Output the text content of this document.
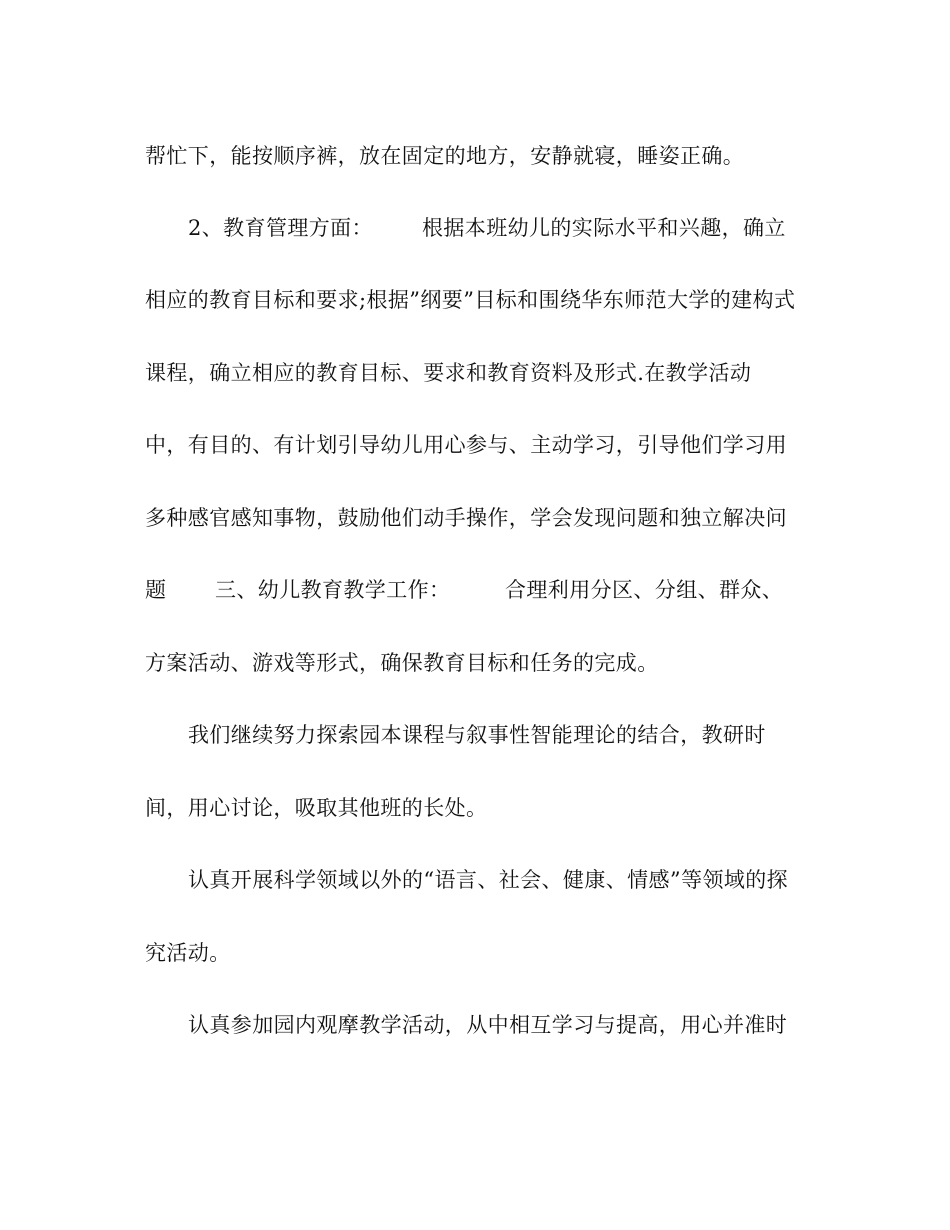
帮忙下，能按顺序裤，放在固定的地方，安静就寝，睡姿正确。
2、教育管理方面： 根据本班幼儿的实际水平和兴趣，确立
相应的教育目标和要求;根据”纲要”目标和围绕华东师范大学的建构式
课程，确立相应的教育目标、要求和教育资料及形式.在教学活动
中，有目的、有计划引导幼儿用心参与、主动学习，引导他们学习用
多种感官感知事物，鼓励他们动手操作，学会发现问题和独立解决问
题 三、幼儿教育教学工作：	合理利用分区、分组、群众、
方案活动、游戏等形式，确保教育目标和任务的完成。
我们继续努力探索园本课程与叙事性智能理论的结合，教研时
间，用心讨论，吸取其他班的长处。
认真开展科学领域以外的“语言、社会、健康、情感”等领域的探
究活动。
认真参加园内观摩教学活动，从中相互学习与提高，用心并准时
